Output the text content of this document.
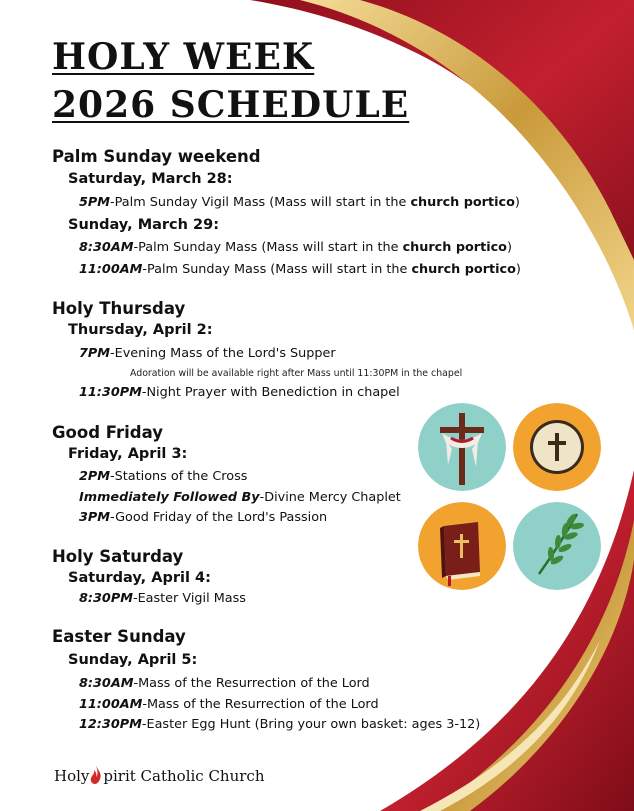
HOLY WEEK
2026 SCHEDULE
Palm Sunday weekend
Saturday, March 28:
5PM-Palm Sunday Vigil Mass (Mass will start in the church portico)
Sunday, March 29:
8:30AM-Palm Sunday Mass (Mass will start in the church portico)
11:00AM-Palm Sunday Mass (Mass will start in the church portico)
Holy Thursday
Thursday, April 2:
7PM-Evening Mass of the Lord's Supper
Adoration will be available right after Mass until 11:30PM in the chapel
11:30PM-Night Prayer with Benediction in chapel
Good Friday
Friday, April 3:
2PM-Stations of the Cross
Immediately Followed By-Divine Mercy Chaplet
3PM-Good Friday of the Lord's Passion
Holy Saturday
Saturday, April 4:
8:30PM-Easter Vigil Mass
Easter Sunday
Sunday, April 5:
8:30AM-Mass of the Resurrection of the Lord
11:00AM-Mass of the Resurrection of the Lord
12:30PM-Easter Egg Hunt (Bring your own basket: ages 3-12)
Holy pirit Catholic Church
